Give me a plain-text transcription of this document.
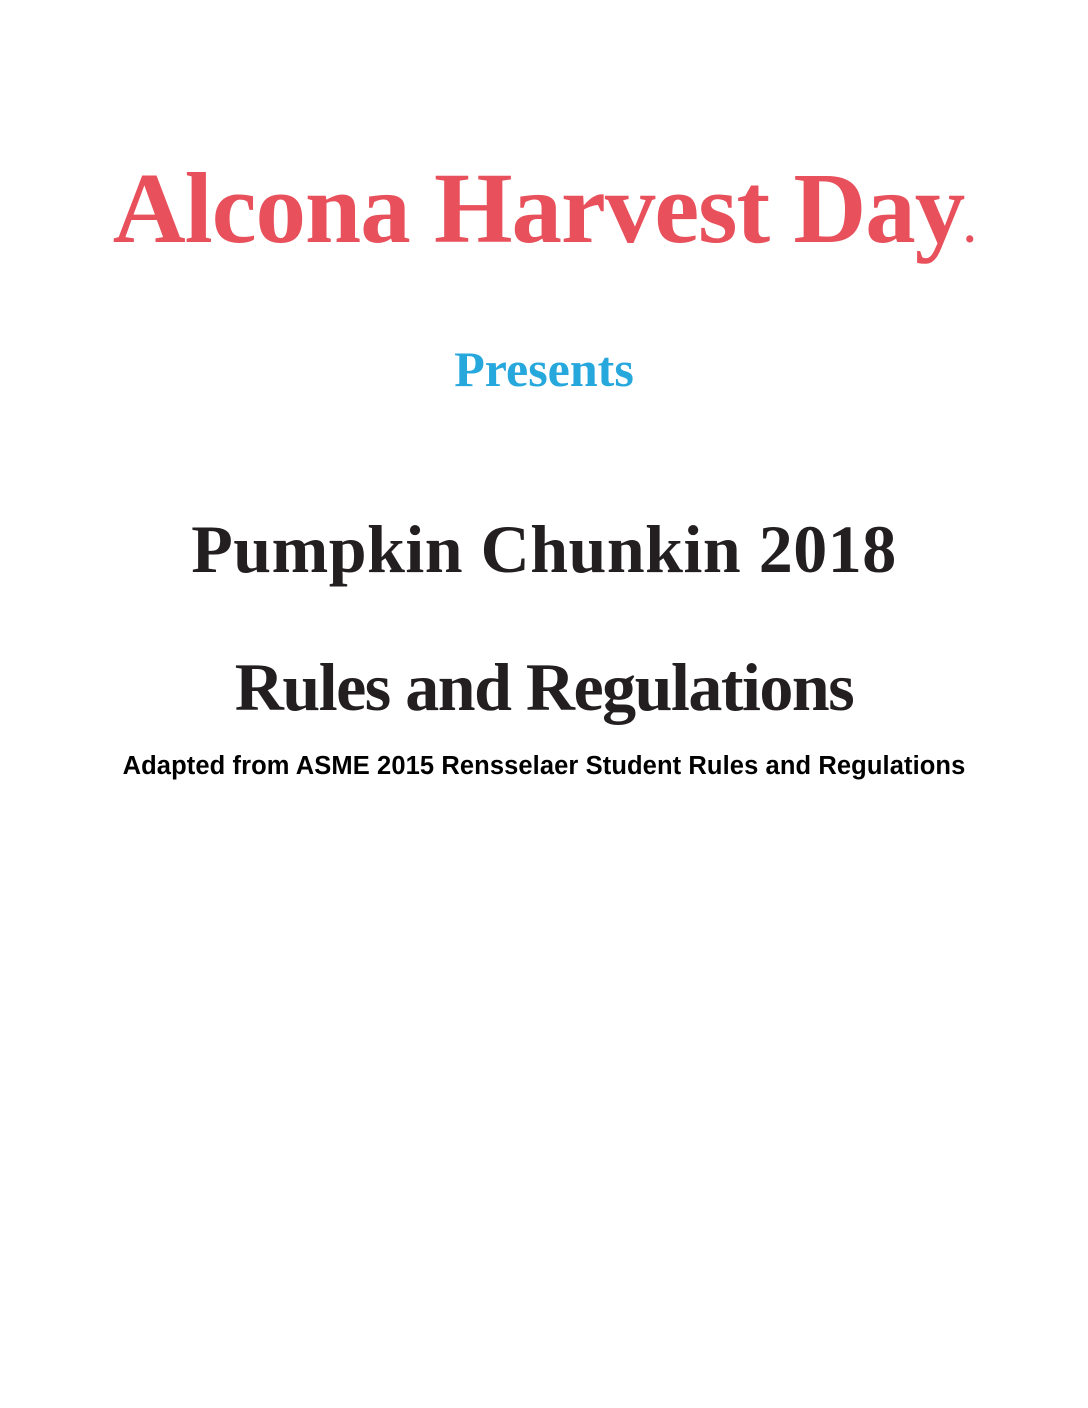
Alcona Harvest Day.
Presents
Pumpkin Chunkin 2018
Rules and Regulations
Adapted from ASME 2015 Rensselaer Student Rules and Regulations
